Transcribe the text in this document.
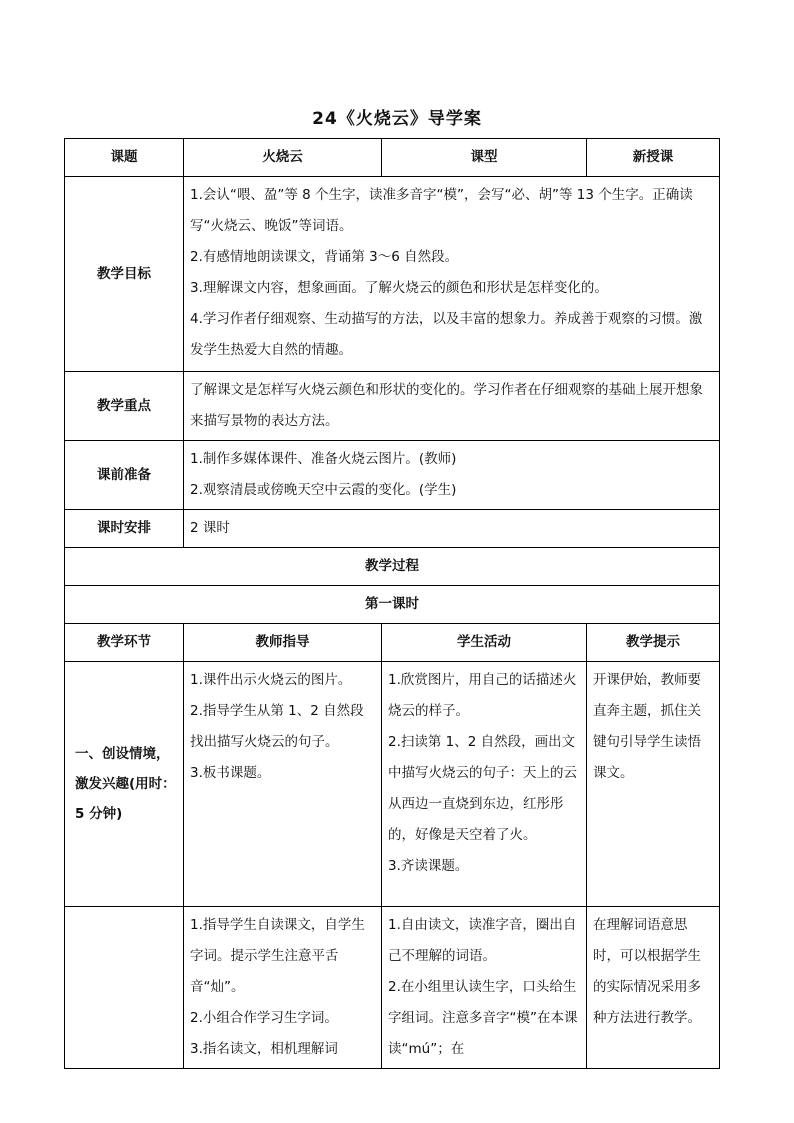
24《火烧云》导学案
课题	火烧云	课型	新授课
教学目标	1.会认“喂、盈”等 8 个生字，读准多音字“模”，会写“必、胡”等 13 个生字。正确读写“火烧云、晚饭”等词语。
2.有感情地朗读课文，背诵第 3～6 自然段。
3.理解课文内容，想象画面。了解火烧云的颜色和形状是怎样变化的。
4.学习作者仔细观察、生动描写的方法，以及丰富的想象力。养成善于观察的习惯。激发学生热爱大自然的情趣。		

教学重点	了解课文是怎样写火烧云颜色和形状的变化的。学习作者在仔细观察的基础上展开想象来描写景物的表达方法。		
课前准备	1.制作多媒体课件、准备火烧云图片。(教师)
2.观察清晨或傍晚天空中云霞的变化。(学生)		

课时安排	2 课时		
教学过程			
第一课时			
教学环节	教师指导	学生活动	教学提示
一、创设情境，激发兴趣(用时：5 分钟)	1.课件出示火烧云的图片。
2.指导学生从第 1、2 自然段找出描写火烧云的句子。
3.板书课题。	1.欣赏图片，用自己的话描述火烧云的样子。
2.扫读第 1、2 自然段，画出文中描写火烧云的句子：天上的云从西边一直烧到东边，红彤彤的，好像是天空着了火。
3.齐读课题。	开课伊始，教师要直奔主题，抓住关键句引导学生读悟课文。

	1.指导学生自读课文，自学生字词。提示学生注意平舌音“灿”。
2.小组合作学习生字词。
3.指名读文，相机理解词	1.自由读文，读准字音，圈出自己不理解的词语。
2.在小组里认读生字，口头给生字组词。注意多音字“模”在本课读“mú”；在	在理解词语意思时，可以根据学生的实际情况采用多种方法进行教学。
